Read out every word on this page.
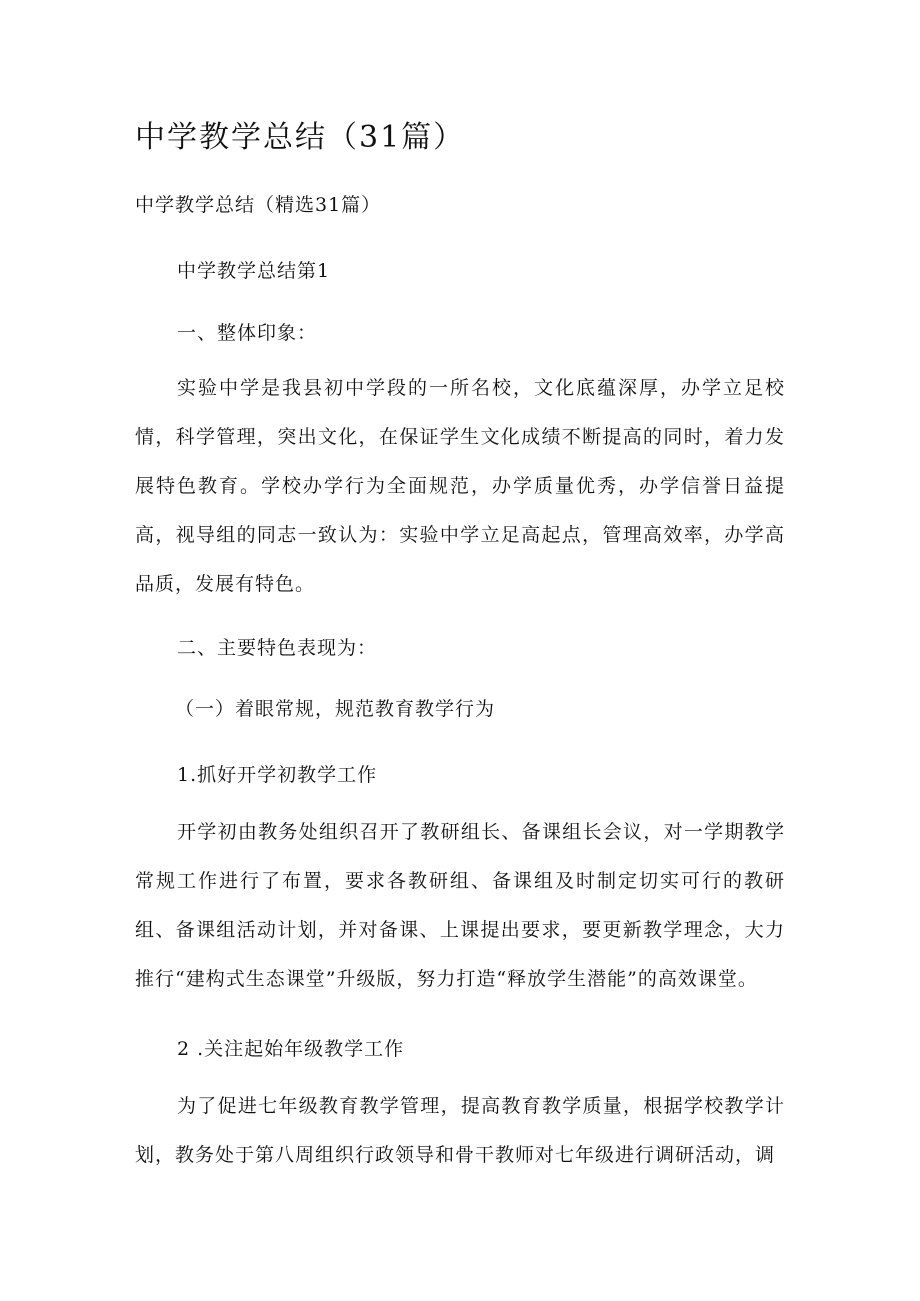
中学教学总结（31篇）

中学教学总结（精选31篇）

中学教学总结第1

一、整体印象：

实验中学是我县初中学段的一所名校，文化底蕴深厚，办学立足校情，科学管理，突出文化，在保证学生文化成绩不断提高的同时，着力发展特色教育。学校办学行为全面规范，办学质量优秀，办学信誉日益提高，视导组的同志一致认为：实验中学立足高起点，管理高效率，办学高品质，发展有特色。

二、主要特色表现为：

（一）着眼常规，规范教育教学行为

1.抓好开学初教学工作

开学初由教务处组织召开了教研组长、备课组长会议，对一学期教学常规工作进行了布置，要求各教研组、备课组及时制定切实可行的教研组、备课组活动计划，并对备课、上课提出要求，要更新教学理念，大力推行“建构式生态课堂”升级版，努力打造“释放学生潜能”的高效课堂。

2 .关注起始年级教学工作

为了促进七年级教育教学管理，提高教育教学质量，根据学校教学计划，教务处于第八周组织行政领导和骨干教师对七年级进行调研活动，调
